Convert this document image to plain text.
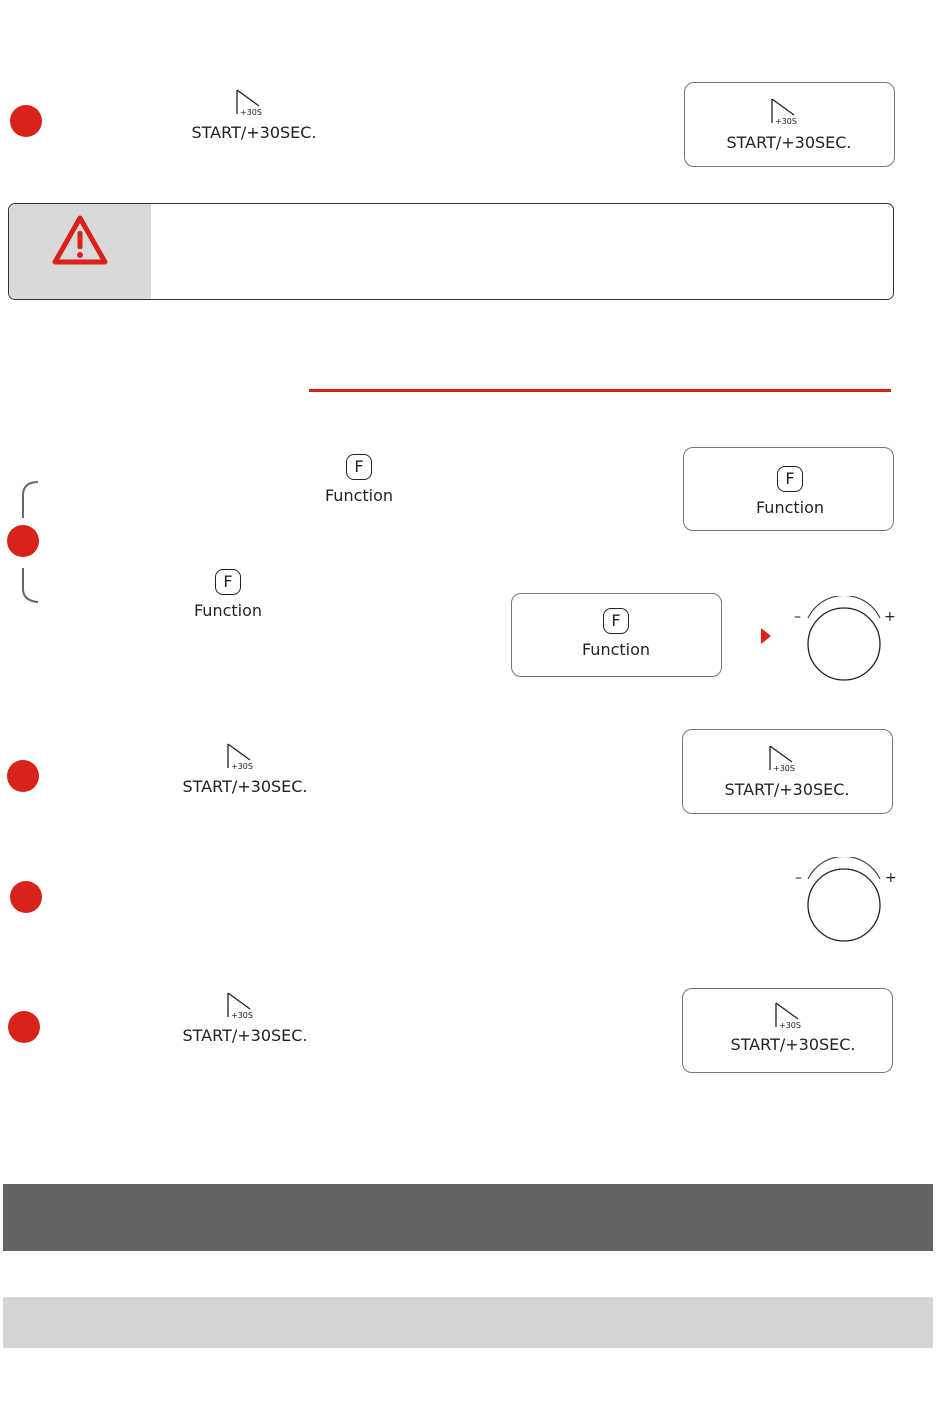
+30S
START/+30SEC.
+30S
START/+30SEC.
F
Function
F
Function
F
Function
F
Function
–	+
+30S
START/+30SEC.
+30S
START/+30SEC.
–	+
+30S
START/+30SEC.
+30S
START/+30SEC.
